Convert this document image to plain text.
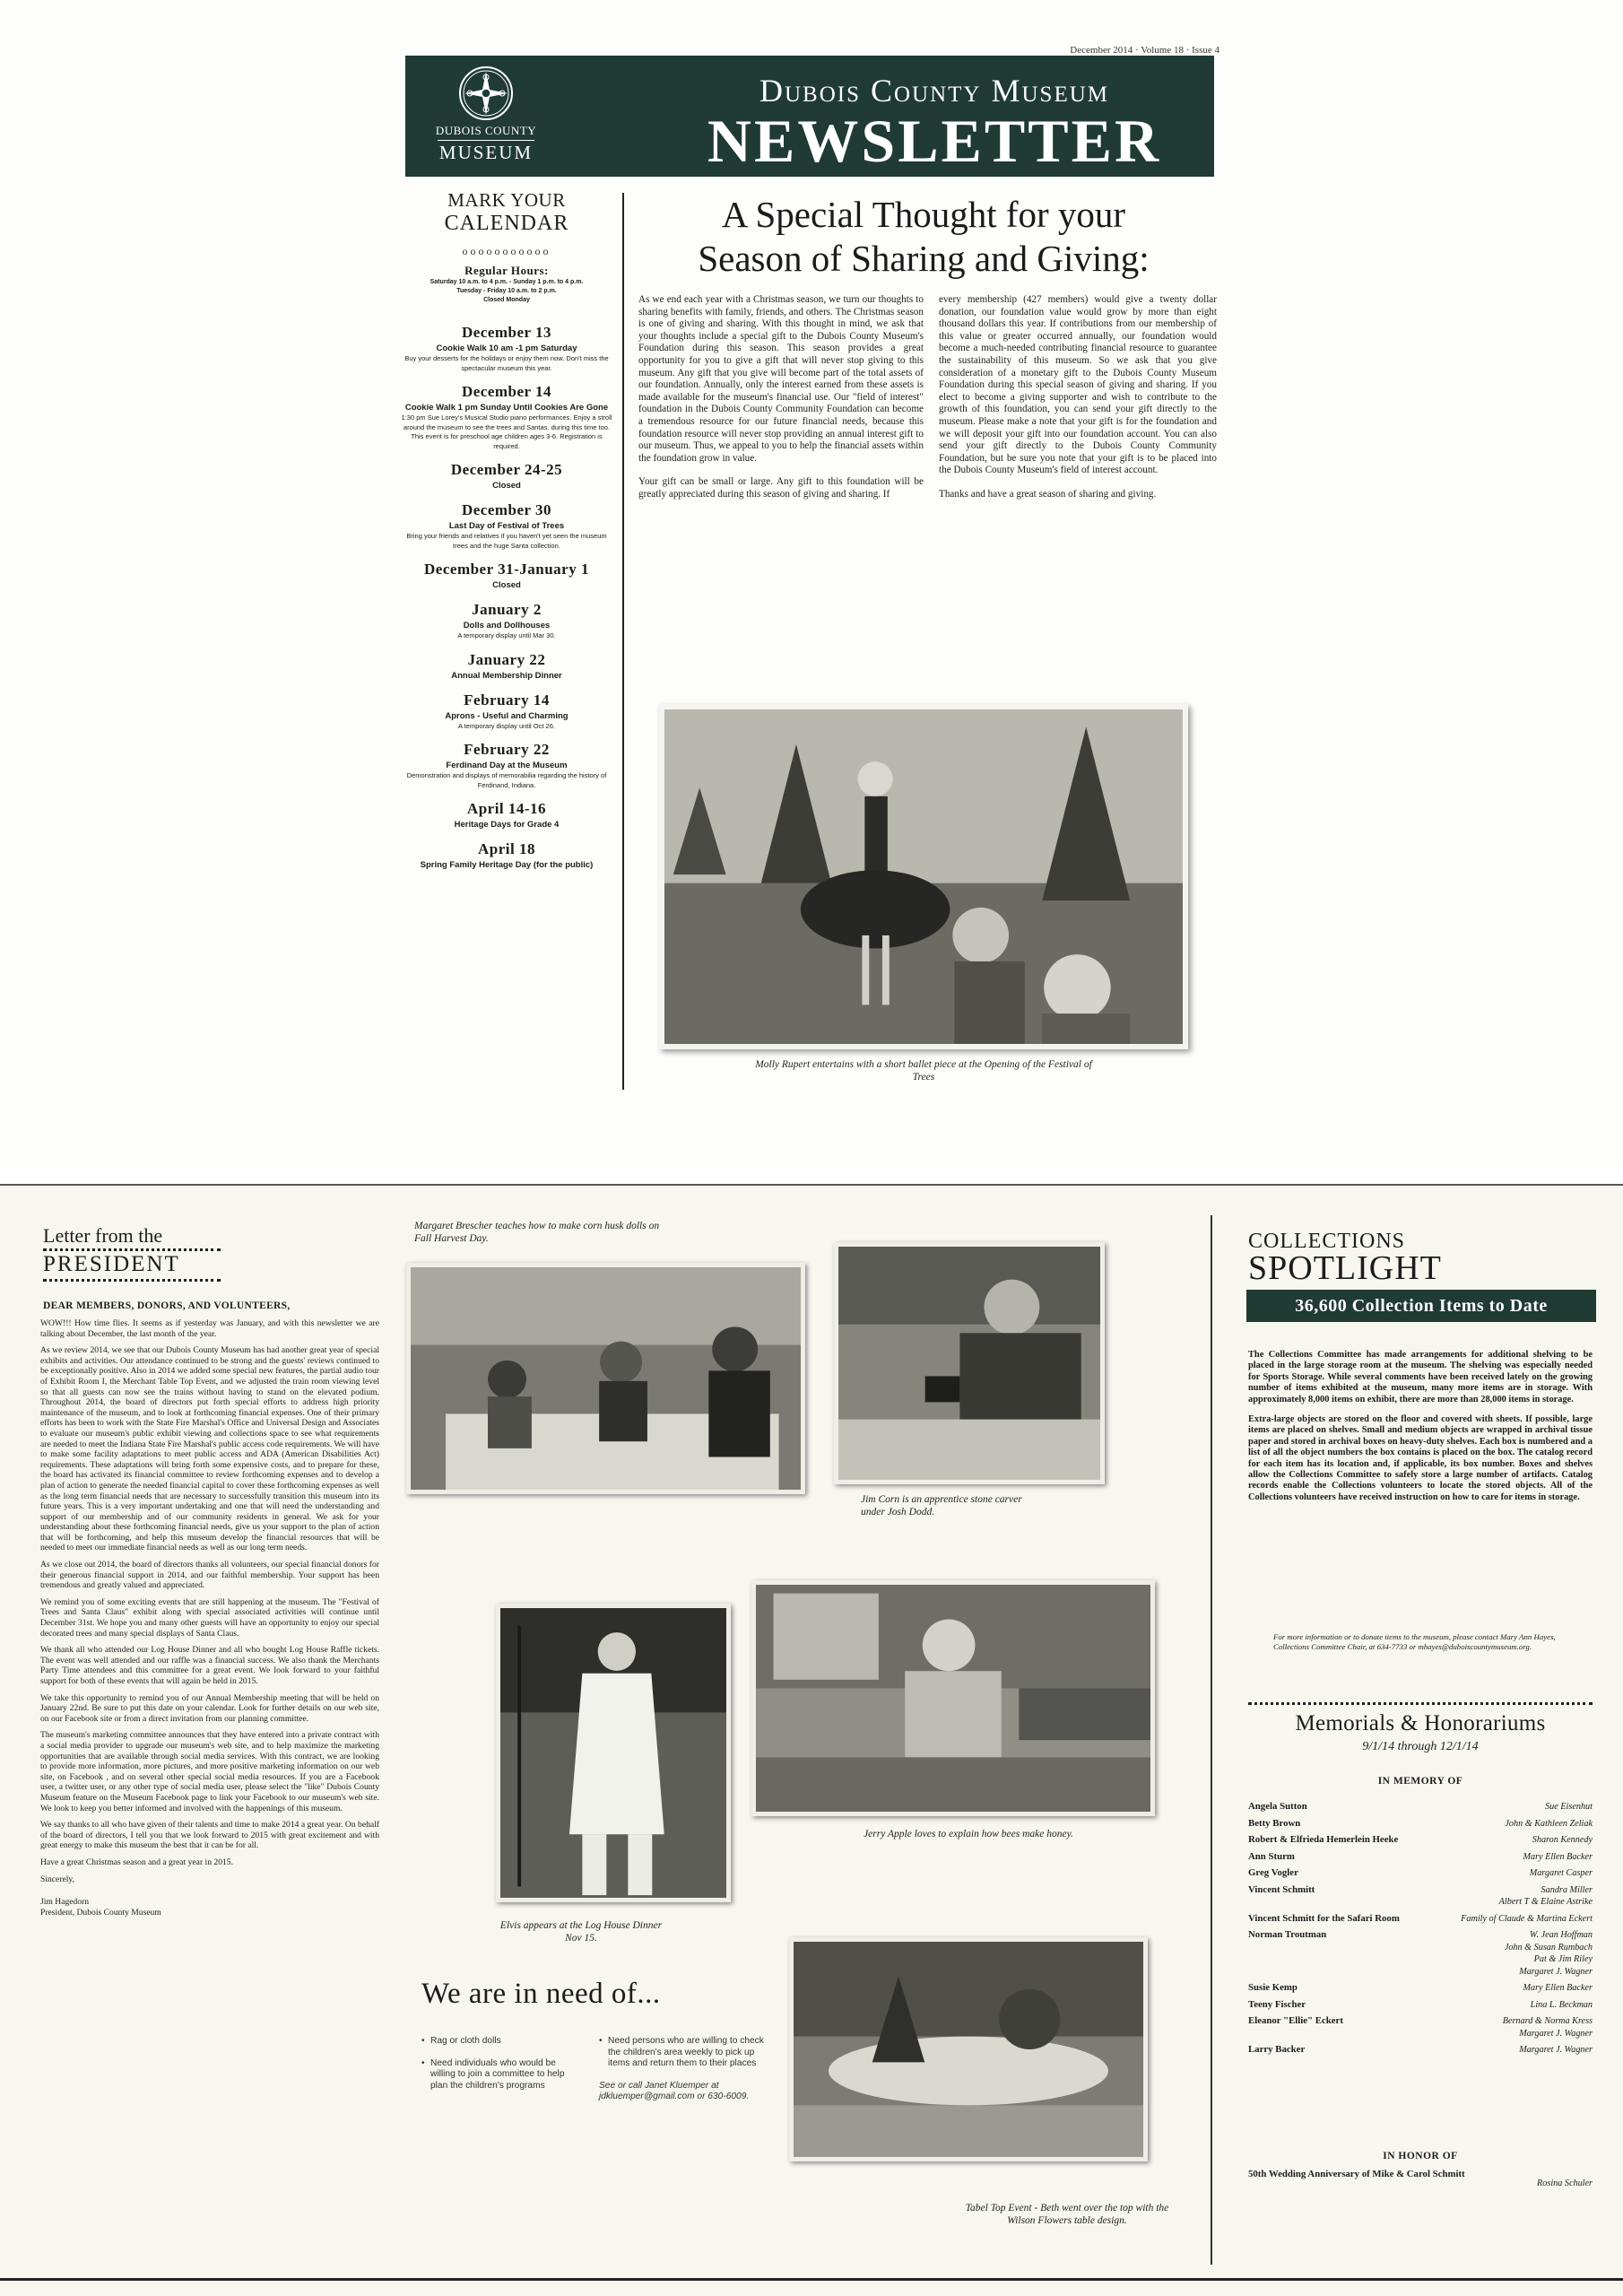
December 2014 · Volume 18 · Issue 4
DUBOIS COUNTY
MUSEUM
Dubois County Museum
NEWSLETTER
MARK YOUR
CALENDAR
ooooooooooo
Regular Hours:
Saturday 10 a.m. to 4 p.m. - Sunday 1 p.m. to 4 p.m.
Tuesday - Friday 10 a.m. to 2 p.m.
Closed Monday
December 13
Cookie Walk 10 am -1 pm Saturday
Buy your desserts for the holidays or enjoy them now. Don't miss the spectacular museum this year.
December 14
Cookie Walk 1 pm Sunday Until Cookies Are Gone
1:30 pm Sue Lorey's Musical Studio piano performances. Enjoy a stroll around the museum to see the trees and Santas. during this time too. This event is for preschool age children ages 3-6. Registration is required.
December 24-25
Closed
December 30
Last Day of Festival of Trees
Bring your friends and relatives if you haven't yet seen the museum trees and the huge Santa collection.
December 31-January 1
Closed
January 2
Dolls and Dollhouses
A temporary display until Mar 30.
January 22
Annual Membership Dinner
February 14
Aprons - Useful and Charming
A temporary display until Oct 26.
February 22
Ferdinand Day at the Museum
Demonstration and displays of memorabilia regarding the history of Ferdinand, Indiana.
April 14-16
Heritage Days for Grade 4
April 18
Spring Family Heritage Day (for the public)
A Special Thought for your
Season of Sharing and Giving:

As we end each year with a Christmas season, we turn our thoughts to sharing benefits with family, friends, and others. The Christmas season is one of giving and sharing. With this thought in mind, we ask that your thoughts include a special gift to the Dubois County Museum's Foundation during this season. This season provides a great opportunity for you to give a gift that will never stop giving to this museum. Any gift that you give will become part of the total assets of our foundation. Annually, only the interest earned from these assets is made available for the museum's financial use. Our "field of interest" foundation in the Dubois County Community Foundation can become a tremendous resource for our future financial needs, because this foundation resource will never stop providing an annual interest gift to our museum. Thus, we appeal to you to help the financial assets within the foundation grow in value.

Your gift can be small or large. Any gift to this foundation will be greatly appreciated during this season of giving and sharing. If

every membership (427 members) would give a twenty dollar donation, our foundation value would grow by more than eight thousand dollars this year. If contributions from our membership of this value or greater occurred annually, our foundation would become a much-needed contributing financial resource to guarantee the sustainability of this museum. So we ask that you give consideration of a monetary gift to the Dubois County Museum Foundation during this special season of giving and sharing. If you elect to become a giving supporter and wish to contribute to the growth of this foundation, you can send your gift directly to the museum. Please make a note that your gift is for the foundation and we will deposit your gift into our foundation account. You can also send your gift directly to the Dubois County Community Foundation, but be sure you note that your gift is to be placed into the Dubois County Museum's field of interest account.

Thanks and have a great season of sharing and giving.

Molly Rupert entertains with a short ballet piece at the Opening of the Festival of Trees
Letter from the
PRESIDENT
DEAR MEMBERS, DONORS, AND VOLUNTEERS,

WOW!!! How time flies. It seems as if yesterday was January, and with this newsletter we are talking about December, the last month of the year.

As we review 2014, we see that our Dubois County Museum has had another great year of special exhibits and activities. Our attendance continued to be strong and the guests' reviews continued to be exceptionally positive. Also in 2014 we added some special new features, the partial audio tour of Exhibit Room I, the Merchant Table Top Event, and we adjusted the train room viewing level so that all guests can now see the trains without having to stand on the elevated podium. Throughout 2014, the board of directors put forth special efforts to address high priority maintenance of the museum, and to look at forthcoming financial expenses. One of their primary efforts has been to work with the State Fire Marshal's Office and Universal Design and Associates to evaluate our museum's public exhibit viewing and collections space to see what requirements are needed to meet the Indiana State Fire Marshal's public access code requirements. We will have to make some facility adaptations to meet public access and ADA (American Disabilities Act) requirements. These adaptations will bring forth some expensive costs, and to prepare for these, the board has activated its financial committee to review forthcoming expenses and to develop a plan of action to generate the needed financial capital to cover these forthcoming expenses as well as the long term financial needs that are necessary to successfully transition this museum into its future years. This is a very important undertaking and one that will need the understanding and support of our membership and of our community residents in general. We ask for your understanding about these forthcoming financial needs, give us your support to the plan of action that will be forthcoming, and help this museum develop the financial resources that will be needed to meet our immediate financial needs as well as our long term needs.

As we close out 2014, the board of directors thanks all volunteers, our special financial donors for their generous financial support in 2014, and our faithful membership. Your support has been tremendous and greatly valued and appreciated.

We remind you of some exciting events that are still happening at the museum. The "Festival of Trees and Santa Claus" exhibit along with special associated activities will continue until December 31st. We hope you and many other guests will have an opportunity to enjoy our special decorated trees and many special displays of Santa Claus.

We thank all who attended our Log House Dinner and all who bought Log House Raffle tickets. The event was well attended and our raffle was a financial success. We also thank the Merchants Party Time attendees and this committee for a great event. We look forward to your faithful support for both of these events that will again be held in 2015.

We take this opportunity to remind you of our Annual Membership meeting that will be held on January 22nd. Be sure to put this date on your calendar. Look for further details on our web site, on our Facebook site or from a direct invitation from our planning committee.

The museum's marketing committee announces that they have entered into a private contract with a social media provider to upgrade our museum's web site, and to help maximize the marketing opportunities that are available through social media services. With this contract, we are looking to provide more information, more pictures, and more positive marketing information on our web site, on Facebook , and on several other special social media resources. If you are a Facebook user, a twitter user, or any other type of social media user, please select the "like" Dubois County Museum feature on the Museum Facebook page to link your Facebook to our museum's web site. We look to keep you better informed and involved with the happenings of this museum.

We say thanks to all who have given of their talents and time to make 2014 a great year. On behalf of the board of directors, I tell you that we look forward to 2015 with great excitement and with great energy to make this museum the best that it can be for all.

Have a great Christmas season and a great year in 2015.

Sincerely,

Jim Hagedorn
President, Dubois County Museum
Margaret Brescher teaches how to make corn husk dolls on Fall Harvest Day.
Jim Corn is an apprentice stone carver under Josh Dodd.
Jerry Apple loves to explain how bees make honey.
Elvis appears at the Log House Dinner Nov 15.
Tabel Top Event - Beth went over the top with the Wilson Flowers table design.
We are in need of...
• Rag or cloth dolls
• Need individuals who would be willing to join a committee to help plan the children's programs
• Need persons who are willing to check the children's area weekly to pick up items and return them to their places
See or call Janet Kluemper at jdkluemper@gmail.com or 630-6009.
COLLECTIONS
SPOTLIGHT
36,600 Collection Items to Date

The Collections Committee has made arrangements for additional shelving to be placed in the large storage room at the museum. The shelving was especially needed for Sports Storage. While several comments have been received lately on the growing number of items exhibited at the museum, many more items are in storage. With approximately 8,000 items on exhibit, there are more than 28,000 items in storage.

Extra-large objects are stored on the floor and covered with sheets. If possible, large items are placed on shelves. Small and medium objects are wrapped in archival tissue paper and stored in archival boxes on heavy-duty shelves. Each box is numbered and a list of all the object numbers the box contains is placed on the box. The catalog record for each item has its location and, if applicable, its box number. Boxes and shelves allow the Collections Committee to safely store a large number of artifacts. Catalog records enable the Collections volunteers to locate the stored objects. All of the Collections volunteers have received instruction on how to care for items in storage.

For more information or to donate items to the museum, please contact Mary Ann Hayes, Collections Committee Chair, at 634-7733 or mhayes@duboiscountymuseum.org.
Memorials & Honorariums
9/1/14 through 12/1/14
IN MEMORY OF
Angela Sutton	Sue Eisenhut
Betty Brown	John & Kathleen Zeliak
Robert & Elfrieda Hemerlein Heeke	Sharon Kennedy
Ann Sturm	Mary Ellen Backer
Greg Vogler	Margaret Casper
Vincent Schmitt	Sandra Miller
Albert T & Elaine Astrike
Vincent Schmitt for the Safari Room	Family of Claude & Martina Eckert
Norman Troutman	W. Jean Hoffman
John & Susan Rumbach
Pat & Jim Riley
Margaret J. Wagner
Susie Kemp	Mary Ellen Backer
Teeny Fischer	Lina L. Beckman
Eleanor "Ellie" Eckert	Bernard & Norma Kress
Margaret J. Wagner
Larry Backer	Margaret J. Wagner
IN HONOR OF
50th Wedding Anniversary of Mike & Carol Schmitt
Rosina Schuler
